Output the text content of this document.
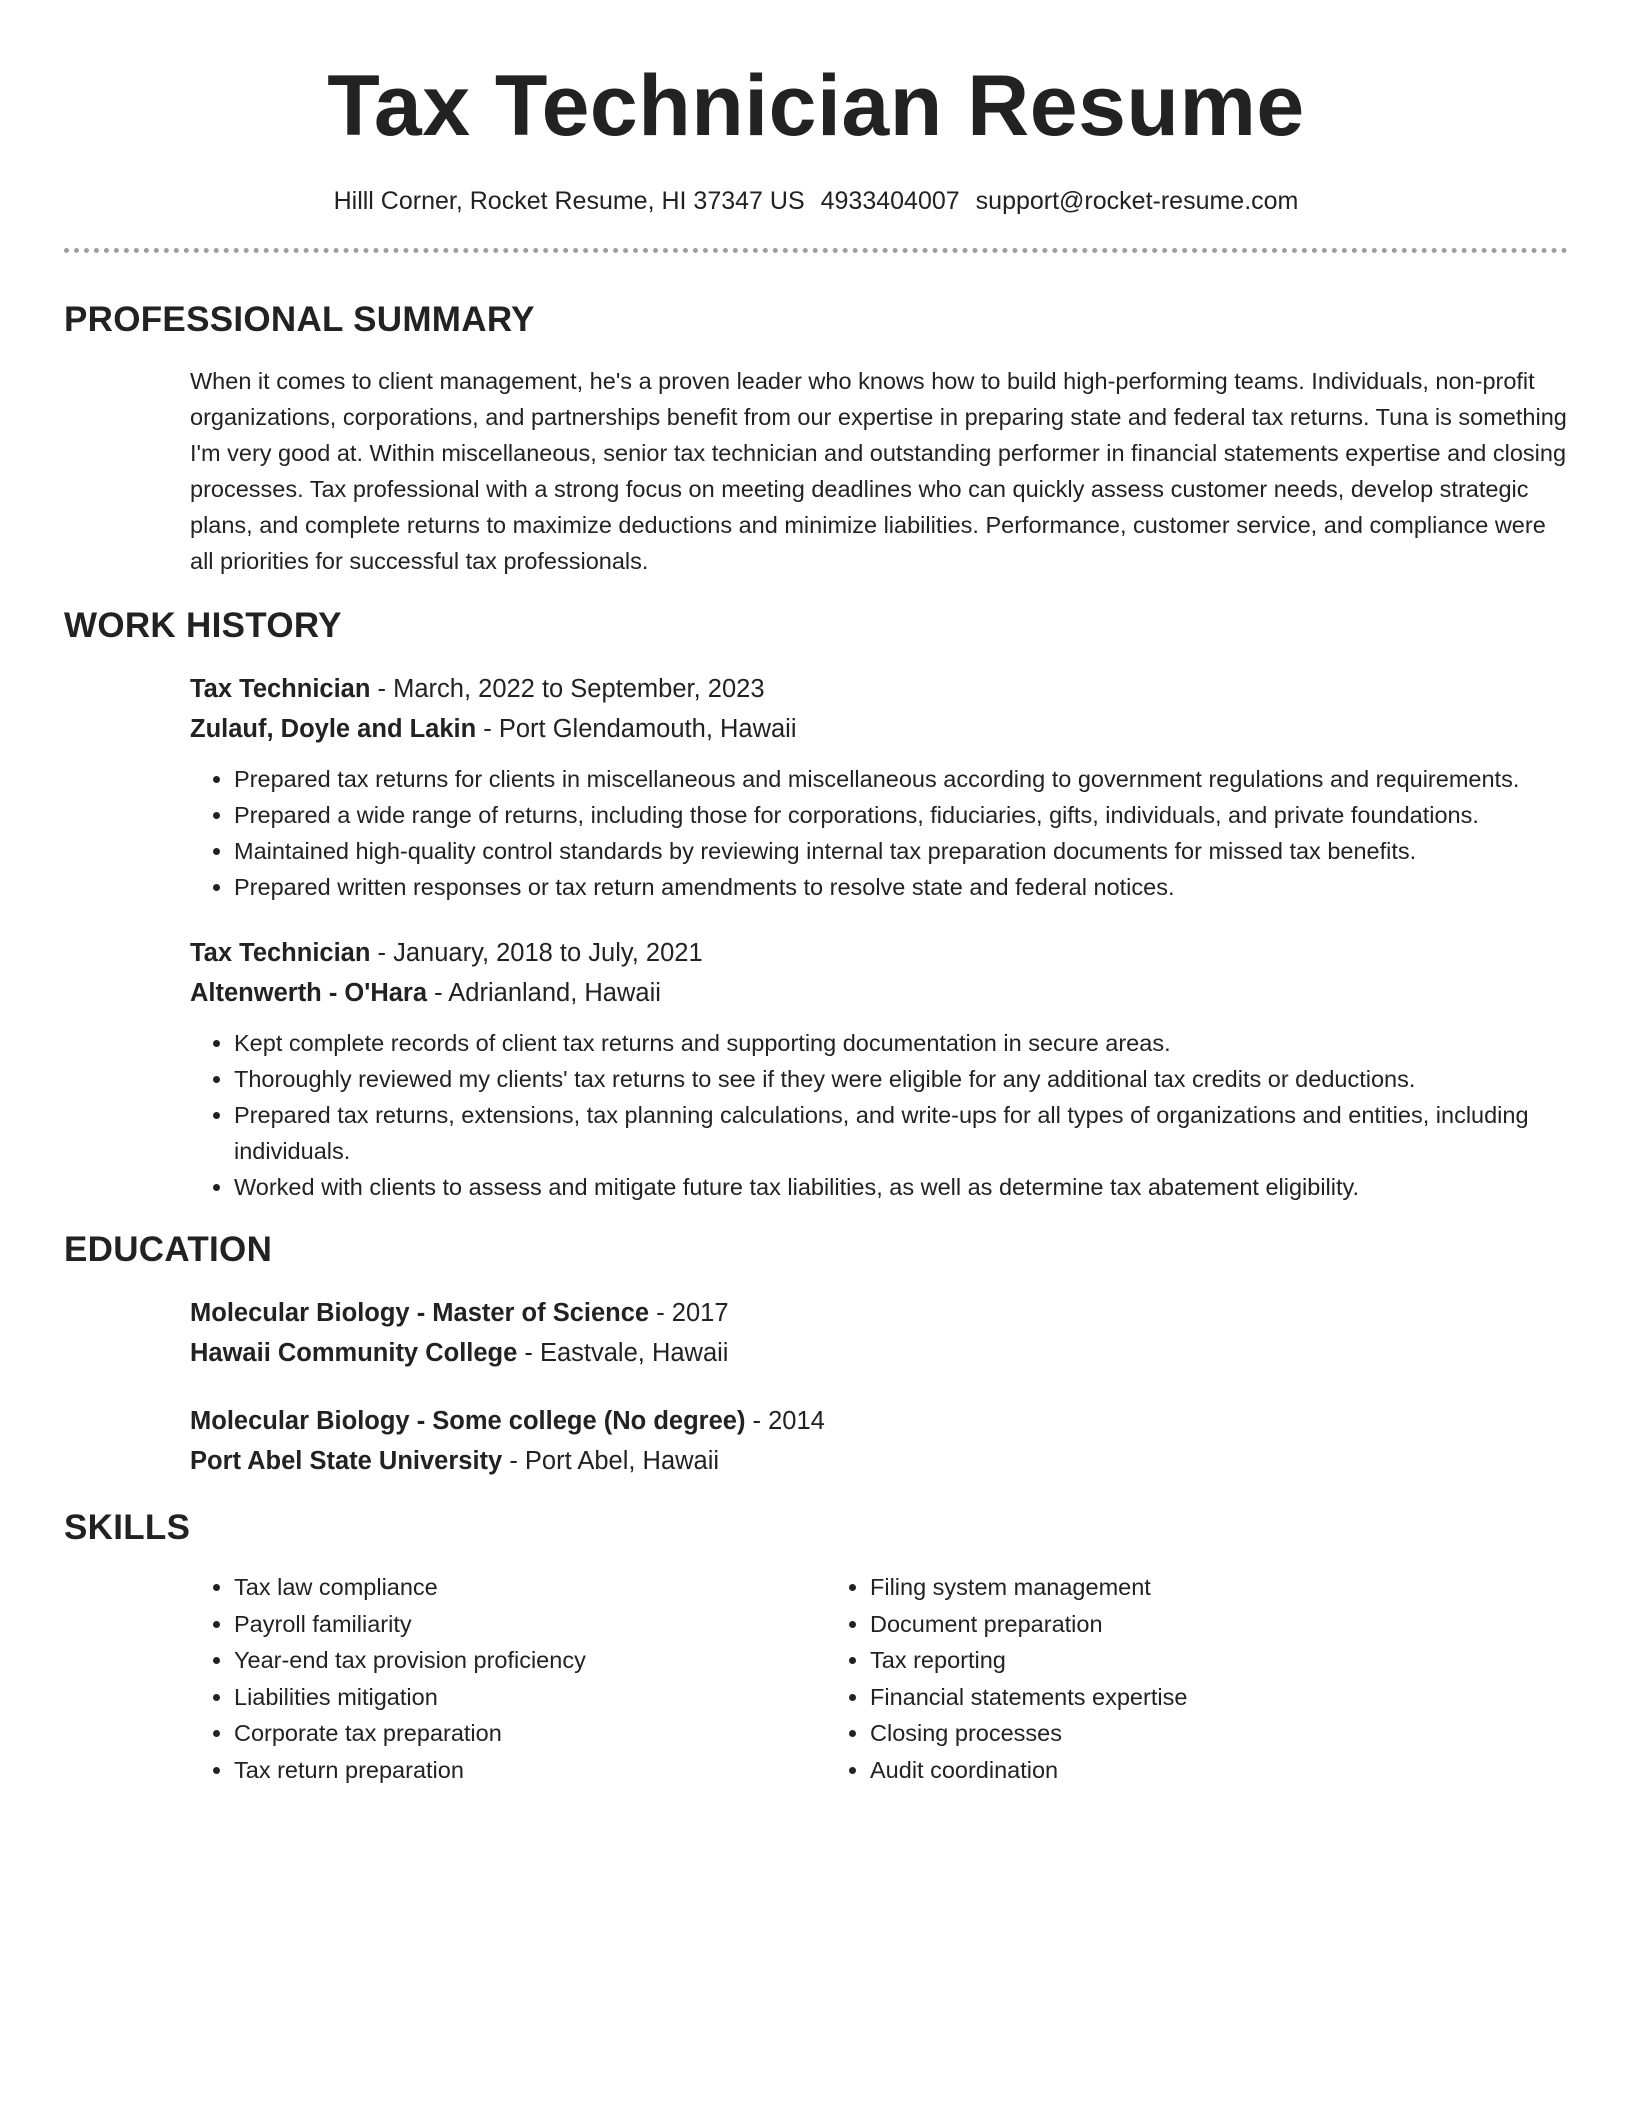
Tax Technician Resume
Hilll Corner, Rocket Resume, HI 37347 US 4933404007 support@rocket-resume.com
PROFESSIONAL SUMMARY
When it comes to client management, he's a proven leader who knows how to build high-performing teams. Individuals, non-profit organizations, corporations, and partnerships benefit from our expertise in preparing state and federal tax returns. Tuna is something I'm very good at. Within miscellaneous, senior tax technician and outstanding performer in financial statements expertise and closing processes. Tax professional with a strong focus on meeting deadlines who can quickly assess customer needs, develop strategic plans, and complete returns to maximize deductions and minimize liabilities. Performance, customer service, and compliance were all priorities for successful tax professionals.
WORK HISTORY
Tax Technician - March, 2022 to September, 2023
Zulauf, Doyle and Lakin - Port Glendamouth, Hawaii
• Prepared tax returns for clients in miscellaneous and miscellaneous according to government regulations and requirements.
• Prepared a wide range of returns, including those for corporations, fiduciaries, gifts, individuals, and private foundations.
• Maintained high-quality control standards by reviewing internal tax preparation documents for missed tax benefits.
• Prepared written responses or tax return amendments to resolve state and federal notices.
Tax Technician - January, 2018 to July, 2021
Altenwerth - O'Hara - Adrianland, Hawaii
• Kept complete records of client tax returns and supporting documentation in secure areas.
• Thoroughly reviewed my clients' tax returns to see if they were eligible for any additional tax credits or deductions.
• Prepared tax returns, extensions, tax planning calculations, and write-ups for all types of organizations and entities, including individuals.
• Worked with clients to assess and mitigate future tax liabilities, as well as determine tax abatement eligibility.
EDUCATION
Molecular Biology - Master of Science - 2017
Hawaii Community College - Eastvale, Hawaii
Molecular Biology - Some college (No degree) - 2014
Port Abel State University - Port Abel, Hawaii
SKILLS
• Tax law compliance
• Payroll familiarity
• Year-end tax provision proficiency
• Liabilities mitigation
• Corporate tax preparation
• Tax return preparation
• Filing system management
• Document preparation
• Tax reporting
• Financial statements expertise
• Closing processes
• Audit coordination
